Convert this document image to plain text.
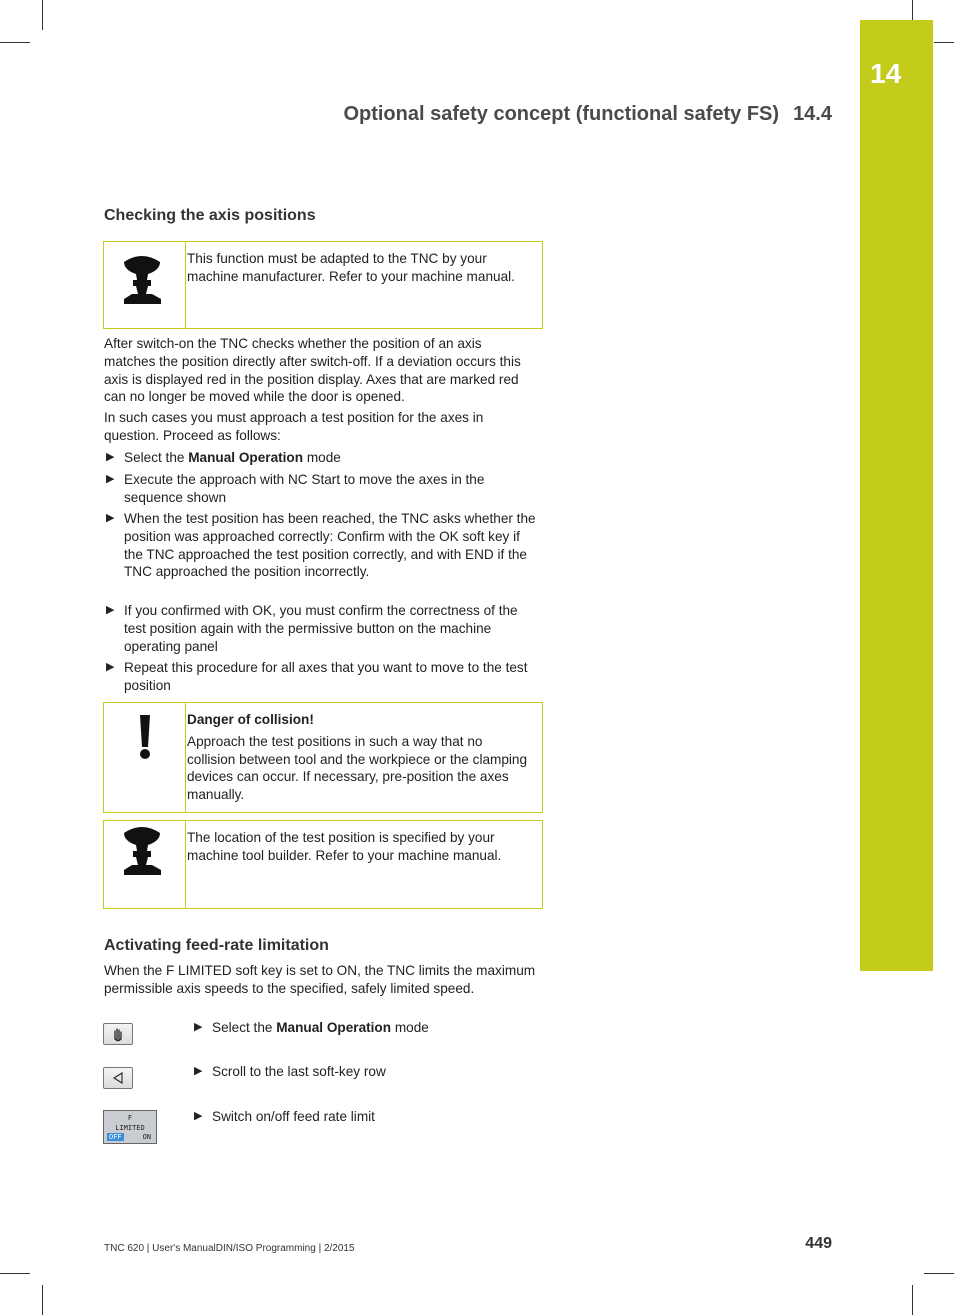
14
Optional safety concept (functional safety FS) 14.4
Checking the axis positions
This function must be adapted to the TNC by your machine manufacturer. Refer to your machine manual.

After switch-on the TNC checks whether the position of an axis matches the position directly after switch-off. If a deviation occurs this axis is displayed red in the position display. Axes that are marked red can no longer be moved while the door is opened.

In such cases you must approach a test position for the axes in question. Proceed as follows:

▶ Select the Manual Operation mode
▶ Execute the approach with NC Start to move the axes in the sequence shown
▶ When the test position has been reached, the TNC asks whether the position was approached correctly: Confirm with the OK soft key if the TNC approached the test position correctly, and with END if the TNC approached the position incorrectly.
▶ If you confirmed with OK, you must confirm the correctness of the test position again with the permissive button on the machine operating panel
▶ Repeat this procedure for all axes that you want to move to the test position
Danger of collision!
Approach the test positions in such a way that no collision between tool and the workpiece or the clamping devices can occur. If necessary, pre-position the axes manually.
The location of the test position is specified by your machine tool builder. Refer to your machine manual.
Activating feed-rate limitation

When the F LIMITED soft key is set to ON, the TNC limits the maximum permissible axis speeds to the specified, safely limited speed.

▶ Select the Manual Operation mode
▶ Scroll to the last soft-key row
F
LIMITED
OFF	ON
▶ Switch on/off feed rate limit
TNC 620 | User's ManualDIN/ISO Programming | 2/2015	449
